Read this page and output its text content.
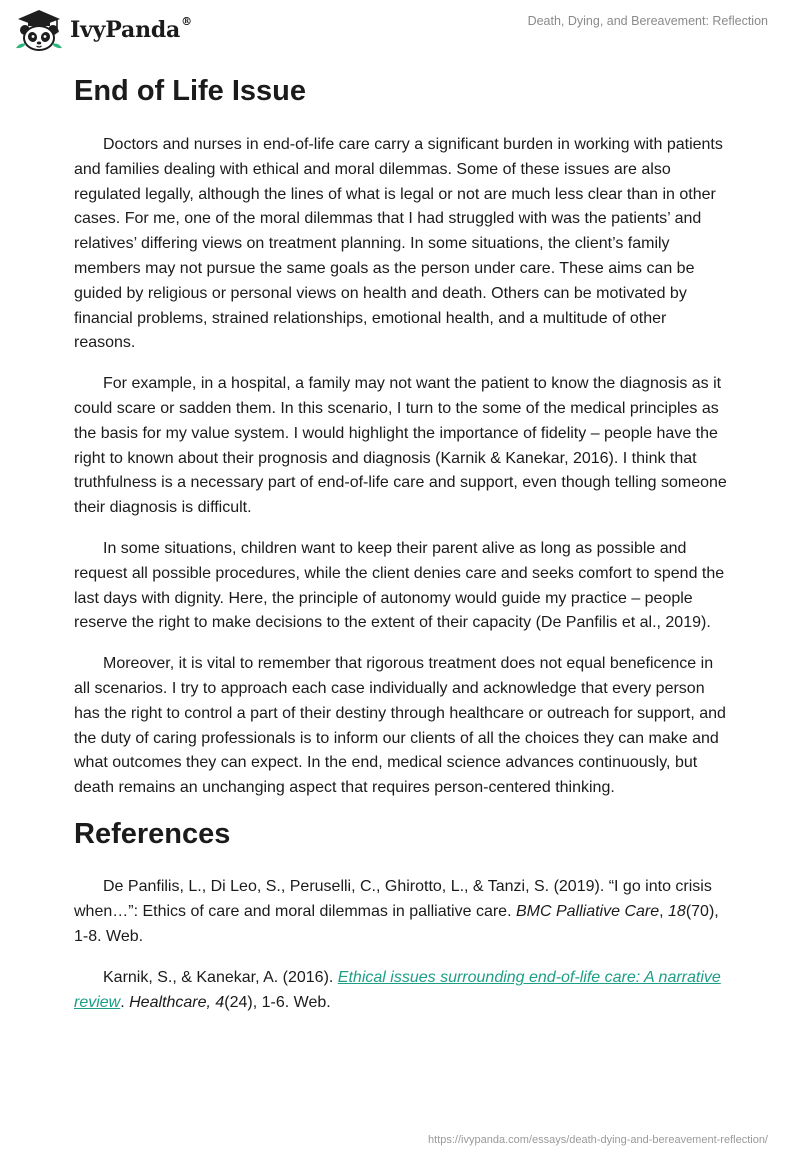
IvyPanda®	Death, Dying, and Bereavement: Reflection
End of Life Issue

Doctors and nurses in end-of-life care carry a significant burden in working with patients and families dealing with ethical and moral dilemmas. Some of these issues are also regulated legally, although the lines of what is legal or not are much less clear than in other cases. For me, one of the moral dilemmas that I had struggled with was the patients’ and relatives’ differing views on treatment planning. In some situations, the client’s family members may not pursue the same goals as the person under care. These aims can be guided by religious or personal views on health and death. Others can be motivated by financial problems, strained relationships, emotional health, and a multitude of other reasons.

For example, in a hospital, a family may not want the patient to know the diagnosis as it could scare or sadden them. In this scenario, I turn to the some of the medical principles as the basis for my value system. I would highlight the importance of fidelity – people have the right to known about their prognosis and diagnosis (Karnik & Kanekar, 2016). I think that truthfulness is a necessary part of end-of-life care and support, even though telling someone their diagnosis is difficult.

In some situations, children want to keep their parent alive as long as possible and request all possible procedures, while the client denies care and seeks comfort to spend the last days with dignity. Here, the principle of autonomy would guide my practice – people reserve the right to make decisions to the extent of their capacity (De Panfilis et al., 2019).

Moreover, it is vital to remember that rigorous treatment does not equal beneficence in all scenarios. I try to approach each case individually and acknowledge that every person has the right to control a part of their destiny through healthcare or outreach for support, and the duty of caring professionals is to inform our clients of all the choices they can make and what outcomes they can expect. In the end, medical science advances continuously, but death remains an unchanging aspect that requires person-centered thinking.

References

De Panfilis, L., Di Leo, S., Peruselli, C., Ghirotto, L., & Tanzi, S. (2019). “I go into crisis when…”: Ethics of care and moral dilemmas in palliative care. BMC Palliative Care, 18(70), 1-8. Web.

Karnik, S., & Kanekar, A. (2016). Ethical issues surrounding end-of-life care: A narrative review. Healthcare, 4(24), 1-6. Web.

https://ivypanda.com/essays/death-dying-and-bereavement-reflection/
